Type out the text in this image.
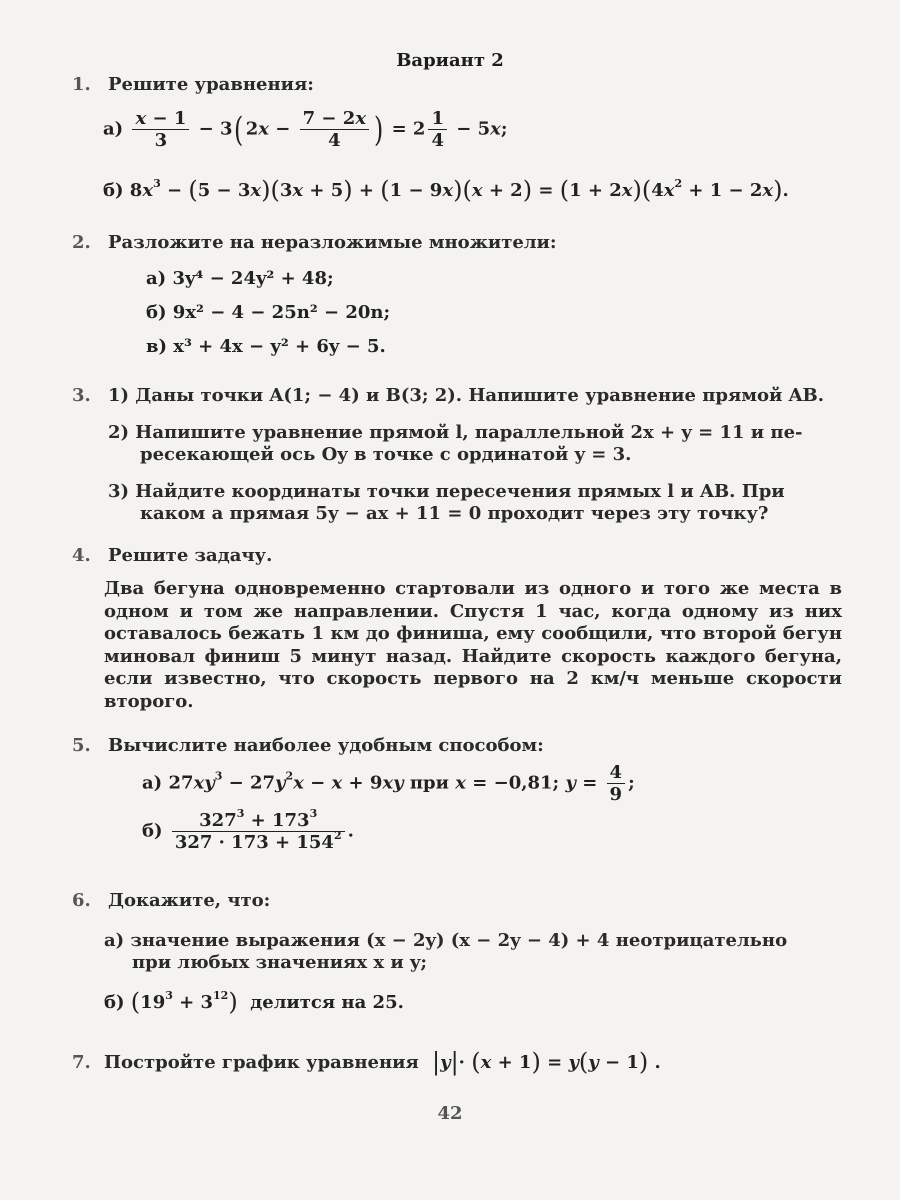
Вариант 2
1. Решите уравнения:
$а) \frac{x - 1}{3} - 3$( $2x - \frac{7 - 2x}{4}$ ) = $2 \frac{1}{4} - 5x$;
б) $8x^3 - (5 - 3x)(3x + 5) + (1 - 9x)(x + 2) = (1 + 2x)(4x^2 + 1 - 2x)$.
2. Разложите на неразложимые множители:
а) 3y⁴ − 24y² + 48;
б) 9x² − 4 − 25n² − 20n;
в) x³ + 4x − y² + 6y − 5.
3. 1) Даны точки A(1; − 4) и B(3; 2). Напишите уравнение прямой AB.
2) Напишите уравнение прямой l, параллельной 2x + y = 11 и пе-
ресекающей ось Oy в точке с ординатой y = 3.
3) Найдите координаты точки пересечения прямых l и AB. При
каком a прямая 5y − ax + 11 = 0 проходит через эту точку?
4. Решите задачу.
Два бегуна одновременно стартовали из одного и того же места в одном и том же направлении. Спустя 1 час, когда одному из них оставалось бежать 1 км до финиша, ему сообщили, что второй бегун миновал финиш 5 минут назад. Найдите скорость каждого бегуна, если известно, что скорость первого на 2 км/ч меньше скорости второго.
5. Вычислите наиболее удобным способом:
а) $27xy^3 - 27y^2x - x + 9xy$ при x = −0,81; $y = \frac{4}{9}$ ;
$б) \frac{327^3 + 173^3}{327 \cdot 173 + 154^2}$ .
6. Докажите, что:
а) значение выражения (x − 2y) (x − 2y − 4) + 4 неотрицательно
при любых значениях x и y;
б) $(19^3 + 3^{12})$ делится на 25.
7. Постройте график уравнения |y|· (x + 1) = y(y − 1) .
42
